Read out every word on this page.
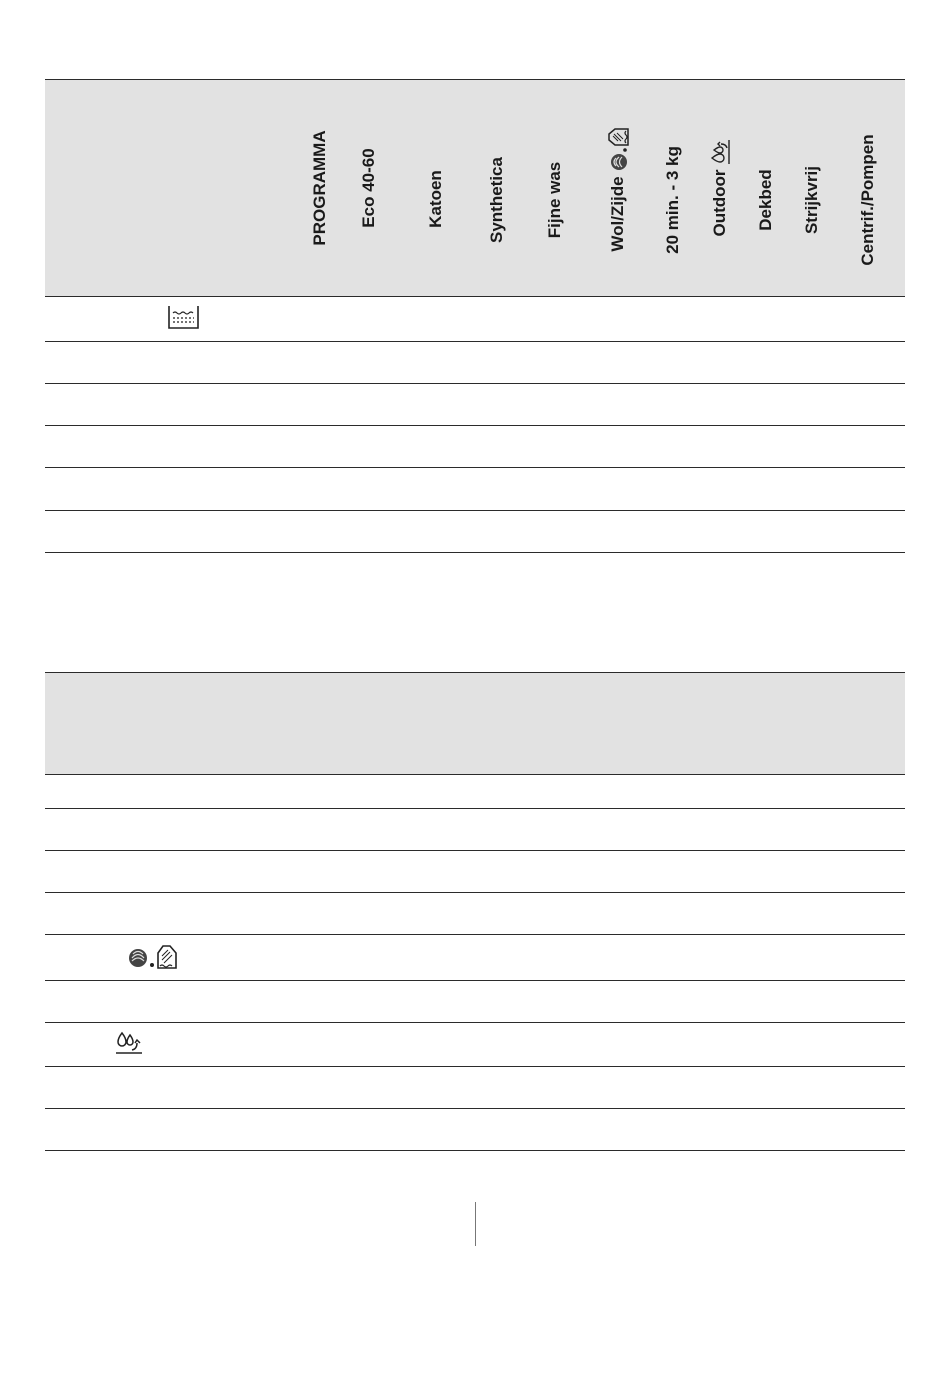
PROGRAMMA Eco 40-60	Katoen Synthetica Fijne was	Wol/Zijde 20 min. - 3 kg Outdoor Dekbed Strijkvrij Centrif./Pompen
